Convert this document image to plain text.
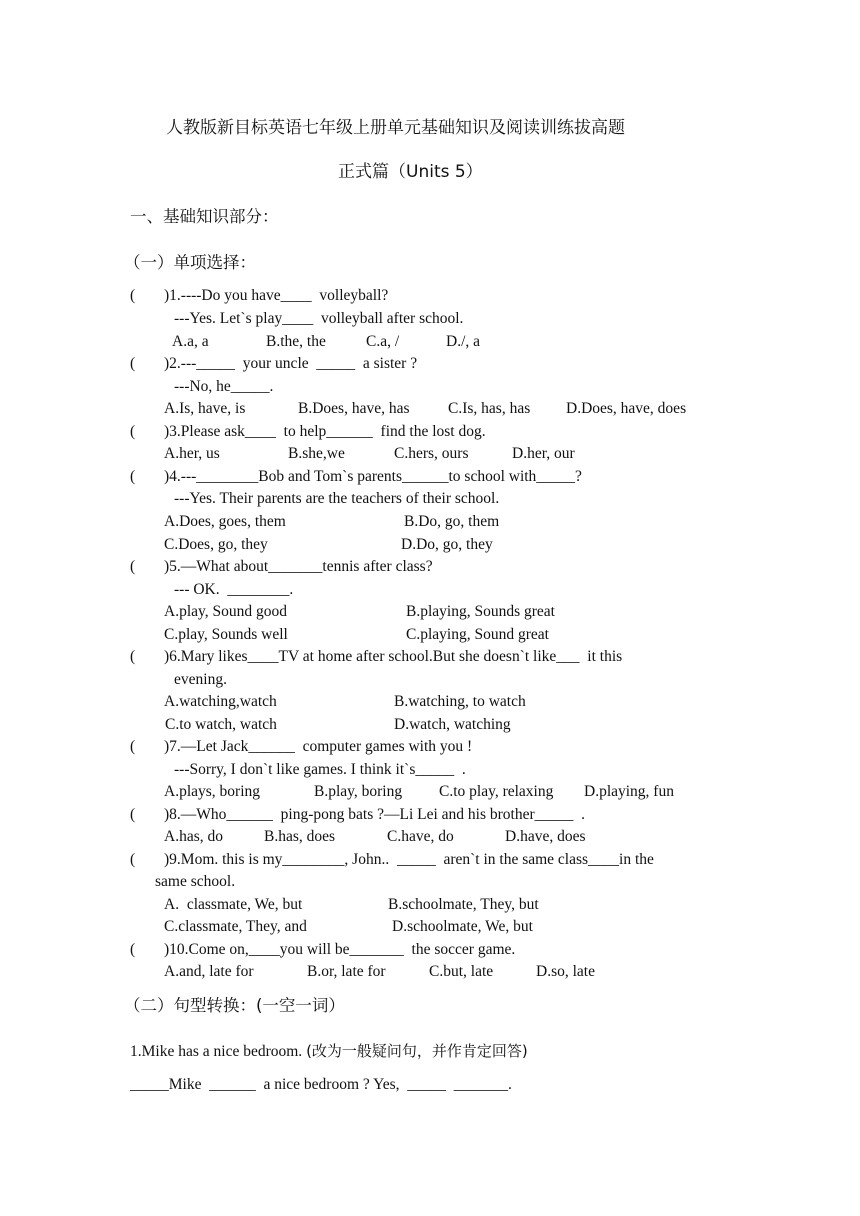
人教版新目标英语七年级上册单元基础知识及阅读训练拔高题
正式篇（Units 5）
一、基础知识部分：
（一）单项选择：
( )1.----Do you have____  volleyball?
---Yes. Let`s play____  volleyball after school.
A.a, a	B.the, the	C.a, /	D./, a
( )2.---_____  your uncle  _____  a sister ?
---No, he_____.
A.Is, have, is	B.Does, have, has C.Is, has, has D.Does, have, does
( )3.Please ask____  to help______  find the lost dog.
A.her, us	B.she,we	C.hers, ours	D.her, our
( )4.---________Bob and Tom`s parents______to school with_____?
---Yes. Their parents are the teachers of their school.
A.Does, goes, them	B.Do, go, them
C.Does, go, they	D.Do, go, they
( )5.—What about_______tennis after class?
--- OK.  ________.
A.play, Sound good	B.playing, Sounds great
C.play, Sounds well	C.playing, Sound great
( )6.Mary likes____TV at home after school.But she doesn`t like___  it this
evening.
A.watching,watch	B.watching, to watch
C.to watch, watch	D.watch, watching
( )7.—Let Jack______  computer games with you !
---Sorry, I don`t like games. I think it`s_____  .
A.plays, boring	B.play, boring C.to play, relaxing D.playing, fun
( )8.—Who______  ping-pong bats ?—Li Lei and his brother_____  .
A.has, do	B.has, does	C.have, do	D.have, does
( )9.Mom. this is my________, John..  _____  aren`t in the same class____in the
same school.
A.  classmate, We, but	B.schoolmate, They, but
C.classmate, They, and	D.schoolmate, We, but
( )10.Come on,____you will be_______  the soccer game.
A.and, late for	B.or, late for	C.but, late	D.so, late
（二）句型转换：(一空一词）
1.Mike has a nice bedroom. (改为一般疑问句，并作肯定回答)
_____Mike  ______  a nice bedroom ? Yes,  _____  _______.
